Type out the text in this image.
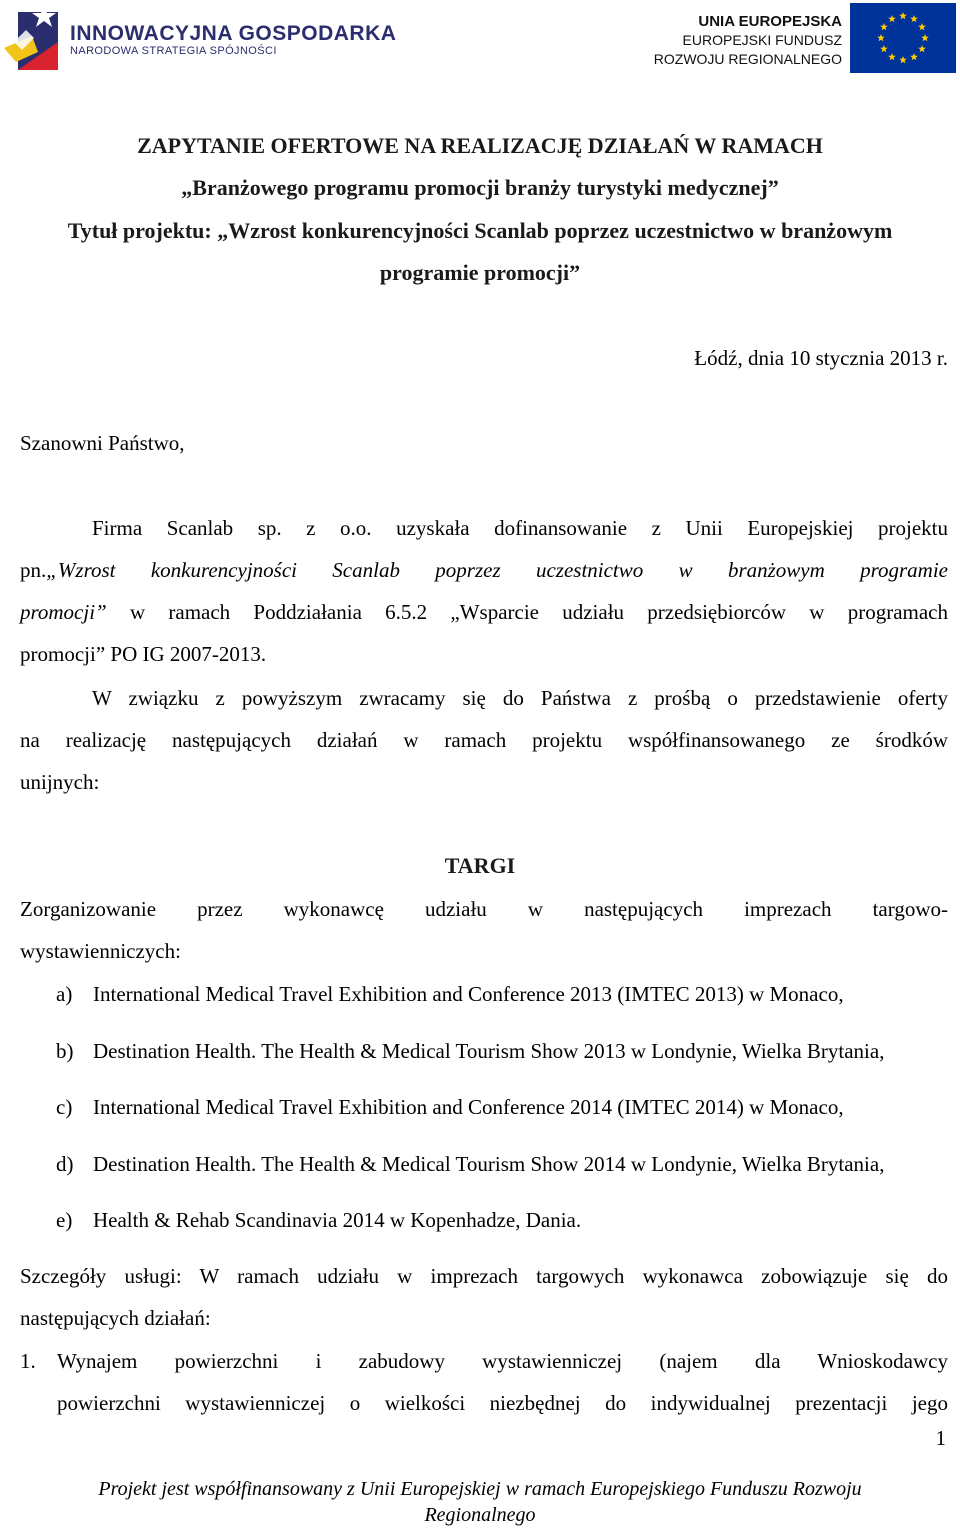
INNOWACYJNA GOSPODARKA
NARODOWA STRATEGIA SPÓJNOŚCI
UNIA EUROPEJSKA
EUROPEJSKI FUNDUSZ
ROZWOJU REGIONALNEGO
ZAPYTANIE OFERTOWE NA REALIZACJĘ DZIAŁAŃ W RAMACH
„Branżowego programu promocji branży turystyki medycznej”
Tytuł projektu: „Wzrost konkurencyjności Scanlab poprzez uczestnictwo w branżowym
programie promocji”
Łódź, dnia 10 stycznia 2013 r.
Szanowni Państwo,
Firma Scanlab sp. z o.o. uzyskała dofinansowanie z Unii Europejskiej projektu
pn.„Wzrost konkurencyjności Scanlab poprzez uczestnictwo w branżowym programie
promocji” w ramach Poddziałania 6.5.2 „Wsparcie udziału przedsiębiorców w programach
promocji” PO IG 2007-2013.
W związku z powyższym zwracamy się do Państwa z prośbą o przedstawienie oferty
na realizację następujących działań w ramach projektu współfinansowanego ze środków
unijnych:
TARGI
Zorganizowanie przez wykonawcę udziału w następujących imprezach targowo-
wystawienniczych:
a) International Medical Travel Exhibition and Conference 2013 (IMTEC 2013) w Monaco,
b) Destination Health. The Health & Medical Tourism Show 2013 w Londynie, Wielka Brytania,
c) International Medical Travel Exhibition and Conference 2014 (IMTEC 2014) w Monaco,
d) Destination Health. The Health & Medical Tourism Show 2014 w Londynie, Wielka Brytania,
e) Health & Rehab Scandinavia 2014 w Kopenhadze, Dania.
Szczegóły usługi: W ramach udziału w imprezach targowych wykonawca zobowiązuje się do
następujących działań:
1. Wynajem powierzchni i zabudowy wystawienniczej (najem dla Wnioskodawcy
powierzchni wystawienniczej o wielkości niezbędnej do indywidualnej prezentacji jego
1
Projekt jest współfinansowany z Unii Europejskiej w ramach Europejskiego Funduszu Rozwoju
Regionalnego
